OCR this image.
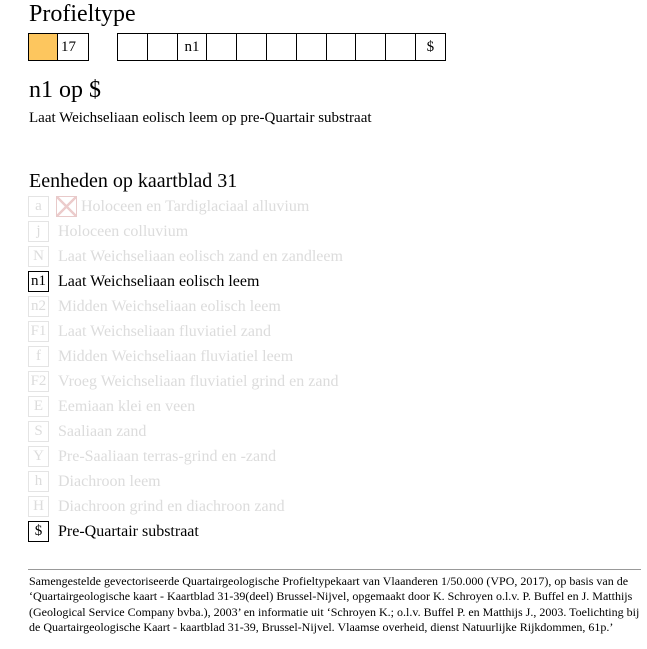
Profieltype
17	n1	$
n1 op $
Laat Weichseliaan eolisch leem op pre-Quartair substraat
Eenheden op kaartblad 31
a	Holoceen en Tardiglaciaal alluvium
j	Holoceen colluvium
N Laat Weichseliaan eolisch zand en zandleem
n1 Laat Weichseliaan eolisch leem
n2 Midden Weichseliaan eolisch leem
F1 Laat Weichseliaan fluviatiel zand
f	Midden Weichseliaan fluviatiel leem
F2 Vroeg Weichseliaan fluviatiel grind en zand
E Eemiaan klei en veen
S Saaliaan zand
Y Pre-Saaliaan terras-grind en -zand
h Diachroon leem
H Diachroon grind en diachroon zand
$ Pre-Quartair substraat
Samengestelde gevectoriseerde Quartairgeologische Profieltypekaart van Vlaanderen 1/50.000 (VPO, 2017), op basis van de ‘Quartairgeologische kaart - Kaartblad 31-39(deel) Brussel-Nijvel, opgemaakt door K. Schroyen o.l.v. P. Buffel en J. Matthijs (Geological Service Company bvba.), 2003’ en informatie uit ‘Schroyen K.; o.l.v. Buffel P. en Matthijs J., 2003. Toelichting bij de Quartairgeologische Kaart - kaartblad 31-39, Brussel-Nijvel. Vlaamse overheid, dienst Natuurlijke Rijkdommen, 61p.’
